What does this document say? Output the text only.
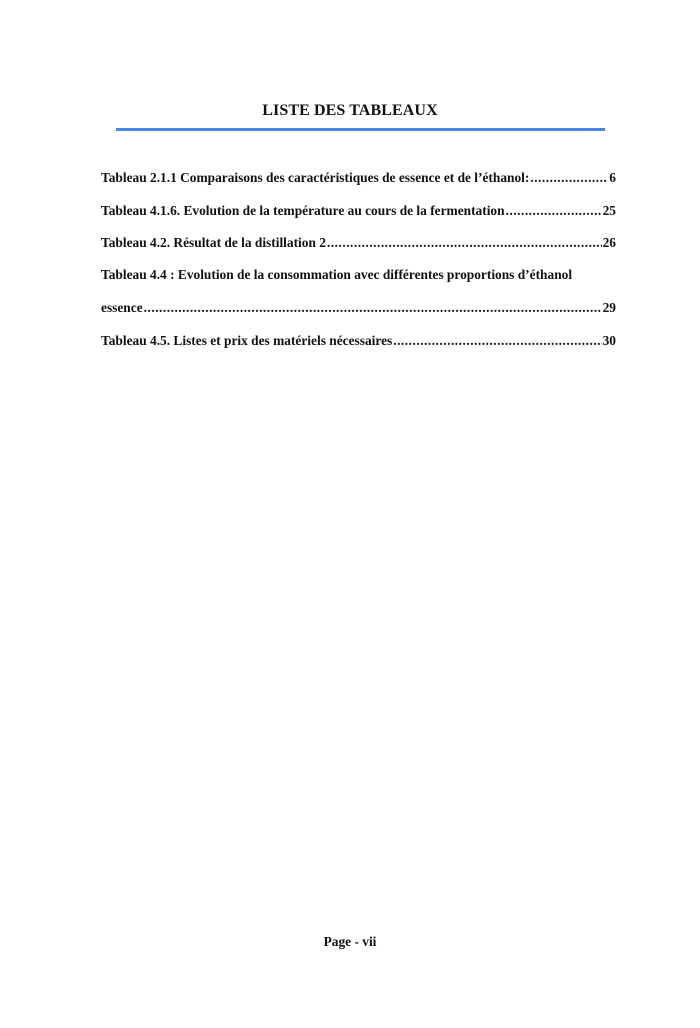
LISTE DES TABLEAUX
Tableau 2.1.1 Comparaisons des caractéristiques de essence et de l’éthanol: .....	6
Tableau 4.1.6. Evolution de la température au cours de la fermentation .....	25
Tableau 4.2. Résultat de la distillation 2 .....	26
Tableau 4.4 : Evolution de la consommation avec différentes proportions d’éthanol
essence .....	29
Tableau 4.5. Listes et prix des matériels nécessaires .....	30
Page - vii
